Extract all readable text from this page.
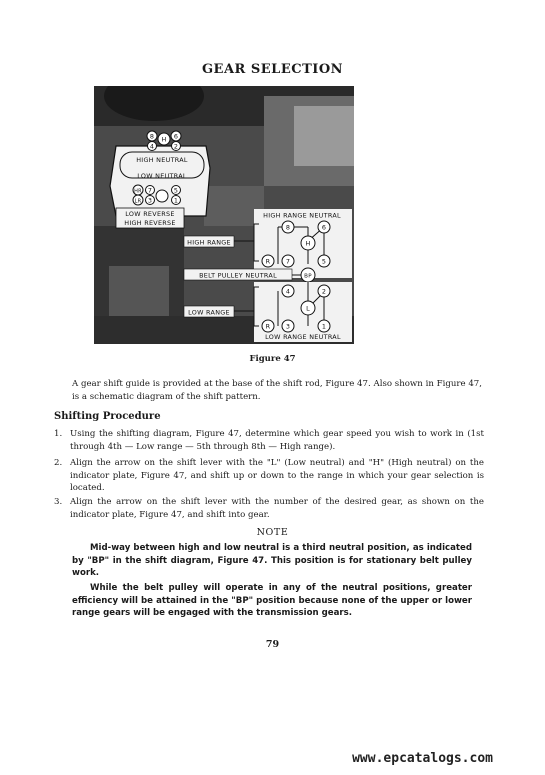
GEAR SELECTION
8 H 6
4	2
HIGH NEUTRAL
LOW NEUTRAL
HR 7	5
LR 3	1
LOW REVERSE
HIGH REVERSE
HIGH RANGE NEUTRAL
HIGH RANGE
8
H
6
R 7	5
BELT PULLEY NEUTRAL	BP
LOW RANGE
4	2
L
R 3	1
LOW RANGE NEUTRAL
Figure 47
A gear shift guide is provided at the base of the shift rod, Figure 47. Also shown in Figure 47, is a schematic diagram of the shift pattern.
Shifting Procedure
1. Using the shifting diagram, Figure 47, determine which gear speed you wish to work in (1st through 4th — Low range — 5th through 8th — High range).
2. Align the arrow on the shift lever with the "L" (Low neutral) and "H" (High neutral) on the indicator plate, Figure 47, and shift up or down to the range in which your gear selection is located.
3. Align the arrow on the shift lever with the number of the desired gear, as shown on the indicator plate, Figure 47, and shift into gear.
NOTE
Mid-way between high and low neutral is a third neutral position, as indicated by "BP" in the shift diagram, Figure 47. This position is for stationary belt pulley work.
While the belt pulley will operate in any of the neutral positions, greater efficiency will be attained in the "BP" position because none of the upper or lower range gears will be engaged with the transmission gears.
79
www.epcatalogs.com
